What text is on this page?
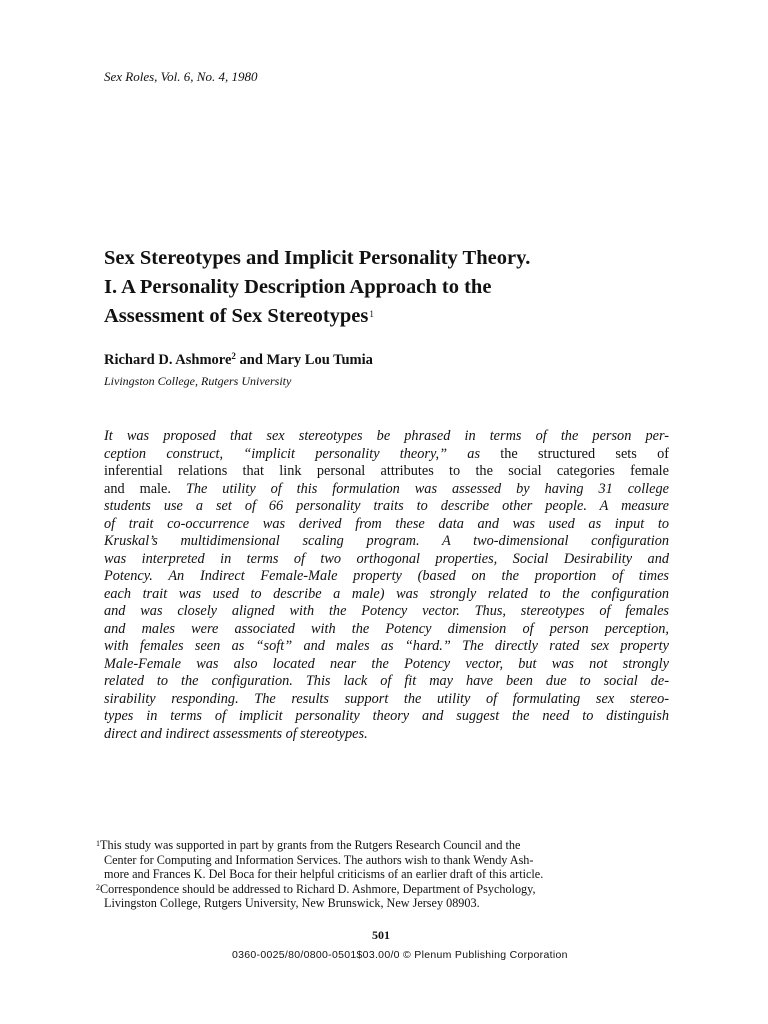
Sex Roles, Vol. 6, No. 4, 1980
Sex Stereotypes and Implicit Personality Theory.
I. A Personality Description Approach to the
Assessment of Sex Stereotypes$^1$
Richard D. Ashmore$^2$ and Mary Lou Tumia
Livingston College, Rutgers University
It was proposed that sex stereotypes be phrased in terms of the person per-
ception construct, “implicit personality theory,” as the structured sets of
inferential relations that link personal attributes to the social categories female
and male. The utility of this formulation was assessed by having 31 college
students use a set of 66 personality traits to describe other people. A measure
of trait co-occurrence was derived from these data and was used as input to
Kruskal’s multidimensional scaling program. A two-dimensional configuration
was interpreted in terms of two orthogonal properties, Social Desirability and
Potency. An Indirect Female-Male property (based on the proportion of times
each trait was used to describe a male) was strongly related to the configuration
and was closely aligned with the Potency vector. Thus, stereotypes of females
and males were associated with the Potency dimension of person perception,
with females seen as “soft” and males as “hard.” The directly rated sex property
Male-Female was also located near the Potency vector, but was not strongly
related to the configuration. This lack of fit may have been due to social de-
sirability responding. The results support the utility of formulating sex stereo-
types in terms of implicit personality theory and suggest the need to distinguish
direct and indirect assessments of stereotypes.
$^1$This study was supported in part by grants from the Rutgers Research Council and the
Center for Computing and Information Services. The authors wish to thank Wendy Ash-
more and Frances K. Del Boca for their helpful criticisms of an earlier draft of this article.
$^2$Correspondence should be addressed to Richard D. Ashmore, Department of Psychology,
Livingston College, Rutgers University, New Brunswick, New Jersey 08903.
501
0360-0025/80/0800-0501$03.00/0 © Plenum Publishing Corporation
